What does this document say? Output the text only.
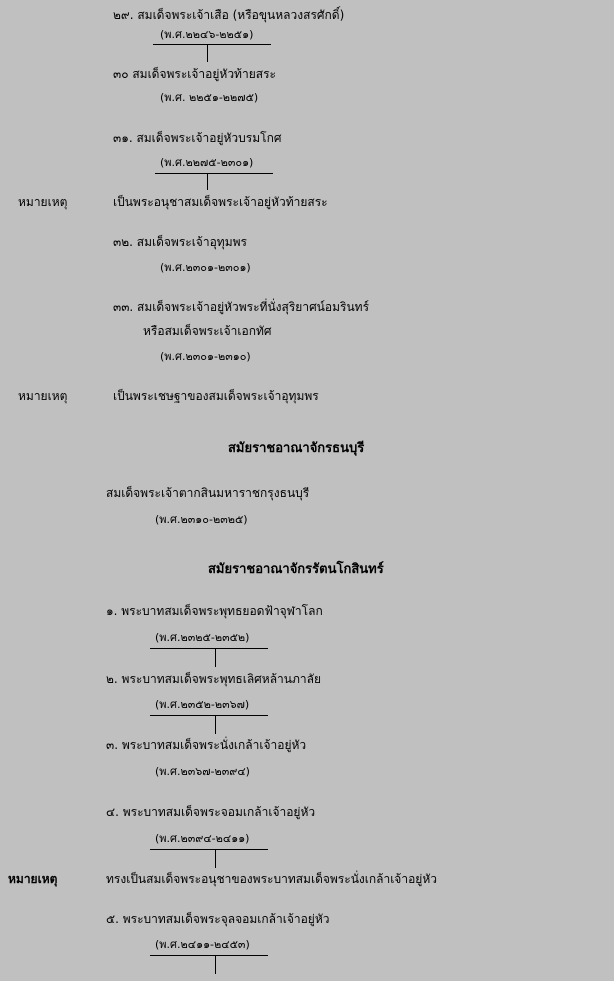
๒๙. สมเด็จพระเจ้าเสือ (หรือขุนหลวงสรศักดิ์)
(พ.ศ.๒๒๔๖-๒๒๕๑)
๓๐ สมเด็จพระเจ้าอยู่หัวท้ายสระ
(พ.ศ. ๒๒๕๑-๒๒๗๕)
๓๑. สมเด็จพระเจ้าอยู่หัวบรมโกศ
(พ.ศ.๒๒๗๕-๒๓๐๑)
หมายเหตุ	เป็นพระอนุชาสมเด็จพระเจ้าอยู่หัวท้ายสระ
๓๒. สมเด็จพระเจ้าอุทุมพร
(พ.ศ.๒๓๐๑-๒๓๐๑)
๓๓. สมเด็จพระเจ้าอยู่หัวพระที่นั่งสุริยาศน์อมรินทร์
หรือสมเด็จพระเจ้าเอกทัศ
(พ.ศ.๒๓๐๑-๒๓๑๐)
หมายเหตุ	เป็นพระเชษฐาของสมเด็จพระเจ้าอุทุมพร
สมัยราชอาณาจักรธนบุรี
สมเด็จพระเจ้าตากสินมหาราชกรุงธนบุรี
(พ.ศ.๒๓๑๐-๒๓๒๕)
สมัยราชอาณาจักรรัตนโกสินทร์
๑. พระบาทสมเด็จพระพุทธยอดฟ้าจุฬาโลก
(พ.ศ.๒๓๒๕-๒๓๕๒)
๒. พระบาทสมเด็จพระพุทธเลิศหล้านภาลัย
(พ.ศ.๒๓๕๒-๒๓๖๗)
๓. พระบาทสมเด็จพระนั่งเกล้าเจ้าอยู่หัว
(พ.ศ.๒๓๖๗-๒๓๙๔)
๔. พระบาทสมเด็จพระจอมเกล้าเจ้าอยู่หัว
(พ.ศ.๒๓๙๔-๒๔๑๑)
หมายเหตุ	ทรงเป็นสมเด็จพระอนุชาของพระบาทสมเด็จพระนั่งเกล้าเจ้าอยู่หัว
๕. พระบาทสมเด็จพระจุลจอมเกล้าเจ้าอยู่หัว
(พ.ศ.๒๔๑๑-๒๔๕๓)
